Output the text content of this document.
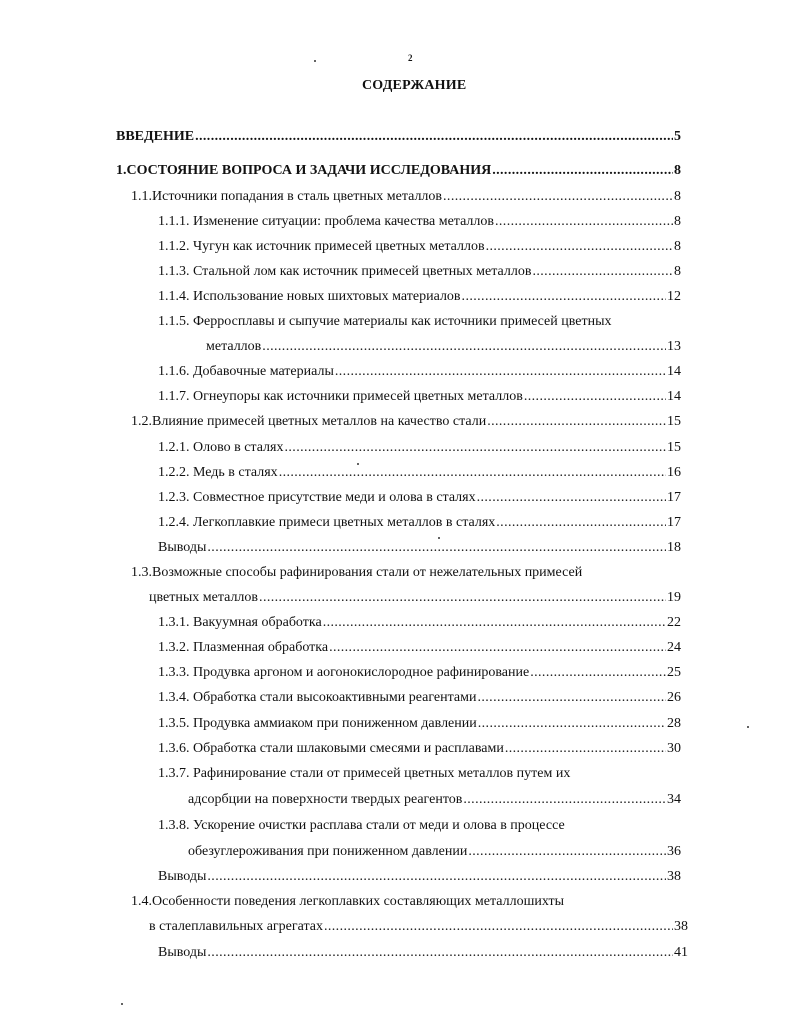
2
СОДЕРЖАНИЕ
ВВЕДЕНИЕ .....	5
1.СОСТОЯНИЕ ВОПРОСА И ЗАДАЧИ ИССЛЕДОВАНИЯ .....	8
1.1.Источники попадания в сталь цветных металлов .....	8
1.1.1. Изменение ситуации: проблема качества металлов .....	8
1.1.2. Чугун как источник примесей цветных металлов .....	8
1.1.3. Стальной лом как источник примесей цветных металлов .....	8
1.1.4. Использование новых шихтовых материалов .....	12
1.1.5. Ферросплавы и сыпучие материалы как источники примесей цветных
металлов .....	13
1.1.6. Добавочные материалы .....	14
1.1.7. Огнеупоры как источники примесей цветных металлов .....	14
1.2.Влияние примесей цветных металлов на качество стали .....	15
1.2.1. Олово в сталях .....	15
1.2.2. Медь в сталях .....	16
1.2.3. Совместное присутствие меди и олова в сталях .....	17
1.2.4. Легкоплавкие примеси цветных металлов в сталях .....	17
Выводы .....	18
1.3.Возможные способы рафинирования стали от нежелательных примесей
цветных металлов .....	19
1.3.1. Вакуумная обработка .....	22
1.3.2. Плазменная обработка .....	24
1.3.3. Продувка аргоном и аогонокислородное рафинирование .....	25
1.3.4. Обработка стали высокоактивными реагентами .....	26
1.3.5. Продувка аммиаком при пониженном давлении .....	28
1.3.6. Обработка стали шлаковыми смесями и расплавами .....	30
1.3.7. Рафинирование стали от примесей цветных металлов путем их
адсорбции на поверхности твердых реагентов .....	34
1.3.8. Ускорение очистки расплава стали от меди и олова в процессе
обезуглероживания при пониженном давлении .....	36
Выводы .....	38
1.4.Особенности поведения легкоплавких составляющих металлошихты
в сталеплавильных агрегатах .....	38
Выводы .....	41
